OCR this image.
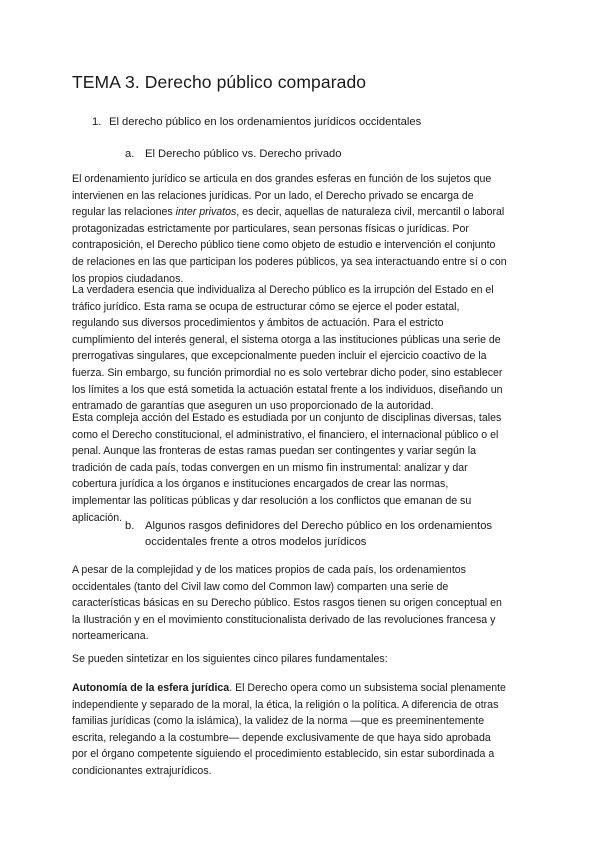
TEMA 3. Derecho público comparado
1. El derecho público en los ordenamientos jurídicos occidentales
a. El Derecho público vs. Derecho privado

El ordenamiento jurídico se articula en dos grandes esferas en función de los sujetos que
intervienen en las relaciones jurídicas. Por un lado, el Derecho privado se encarga de
regular las relaciones inter privatos, es decir, aquellas de naturaleza civil, mercantil o laboral
protagonizadas estrictamente por particulares, sean personas físicas o jurídicas. Por
contraposición, el Derecho público tiene como objeto de estudio e intervención el conjunto
de relaciones en las que participan los poderes públicos, ya sea interactuando entre sí o con
los propios ciudadanos.

La verdadera esencia que individualiza al Derecho público es la irrupción del Estado en el
tráfico jurídico. Esta rama se ocupa de estructurar cómo se ejerce el poder estatal,
regulando sus diversos procedimientos y ámbitos de actuación. Para el estricto
cumplimiento del interés general, el sistema otorga a las instituciones públicas una serie de
prerrogativas singulares, que excepcionalmente pueden incluir el ejercicio coactivo de la
fuerza. Sin embargo, su función primordial no es solo vertebrar dicho poder, sino establecer
los límites a los que está sometida la actuación estatal frente a los individuos, diseñando un
entramado de garantías que aseguren un uso proporcionado de la autoridad.

Esta compleja acción del Estado es estudiada por un conjunto de disciplinas diversas, tales
como el Derecho constitucional, el administrativo, el financiero, el internacional público o el
penal. Aunque las fronteras de estas ramas puedan ser contingentes y variar según la
tradición de cada país, todas convergen en un mismo fin instrumental: analizar y dar
cobertura jurídica a los órganos e instituciones encargados de crear las normas,
implementar las políticas públicas y dar resolución a los conflictos que emanan de su
aplicación.

b. Algunos rasgos definidores del Derecho público en los ordenamientos
occidentales frente a otros modelos jurídicos

A pesar de la complejidad y de los matices propios de cada país, los ordenamientos
occidentales (tanto del Civil law como del Common law) comparten una serie de
características básicas en su Derecho público. Estos rasgos tienen su origen conceptual en
la Ilustración y en el movimiento constitucionalista derivado de las revoluciones francesa y
norteamericana.

Se pueden sintetizar en los siguientes cinco pilares fundamentales:

Autonomía de la esfera jurídica. El Derecho opera como un subsistema social plenamente
independiente y separado de la moral, la ética, la religión o la política. A diferencia de otras
familias jurídicas (como la islámica), la validez de la norma —que es preeminentemente
escrita, relegando a la costumbre— depende exclusivamente de que haya sido aprobada
por el órgano competente siguiendo el procedimiento establecido, sin estar subordinada a
condicionantes extrajurídicos.
